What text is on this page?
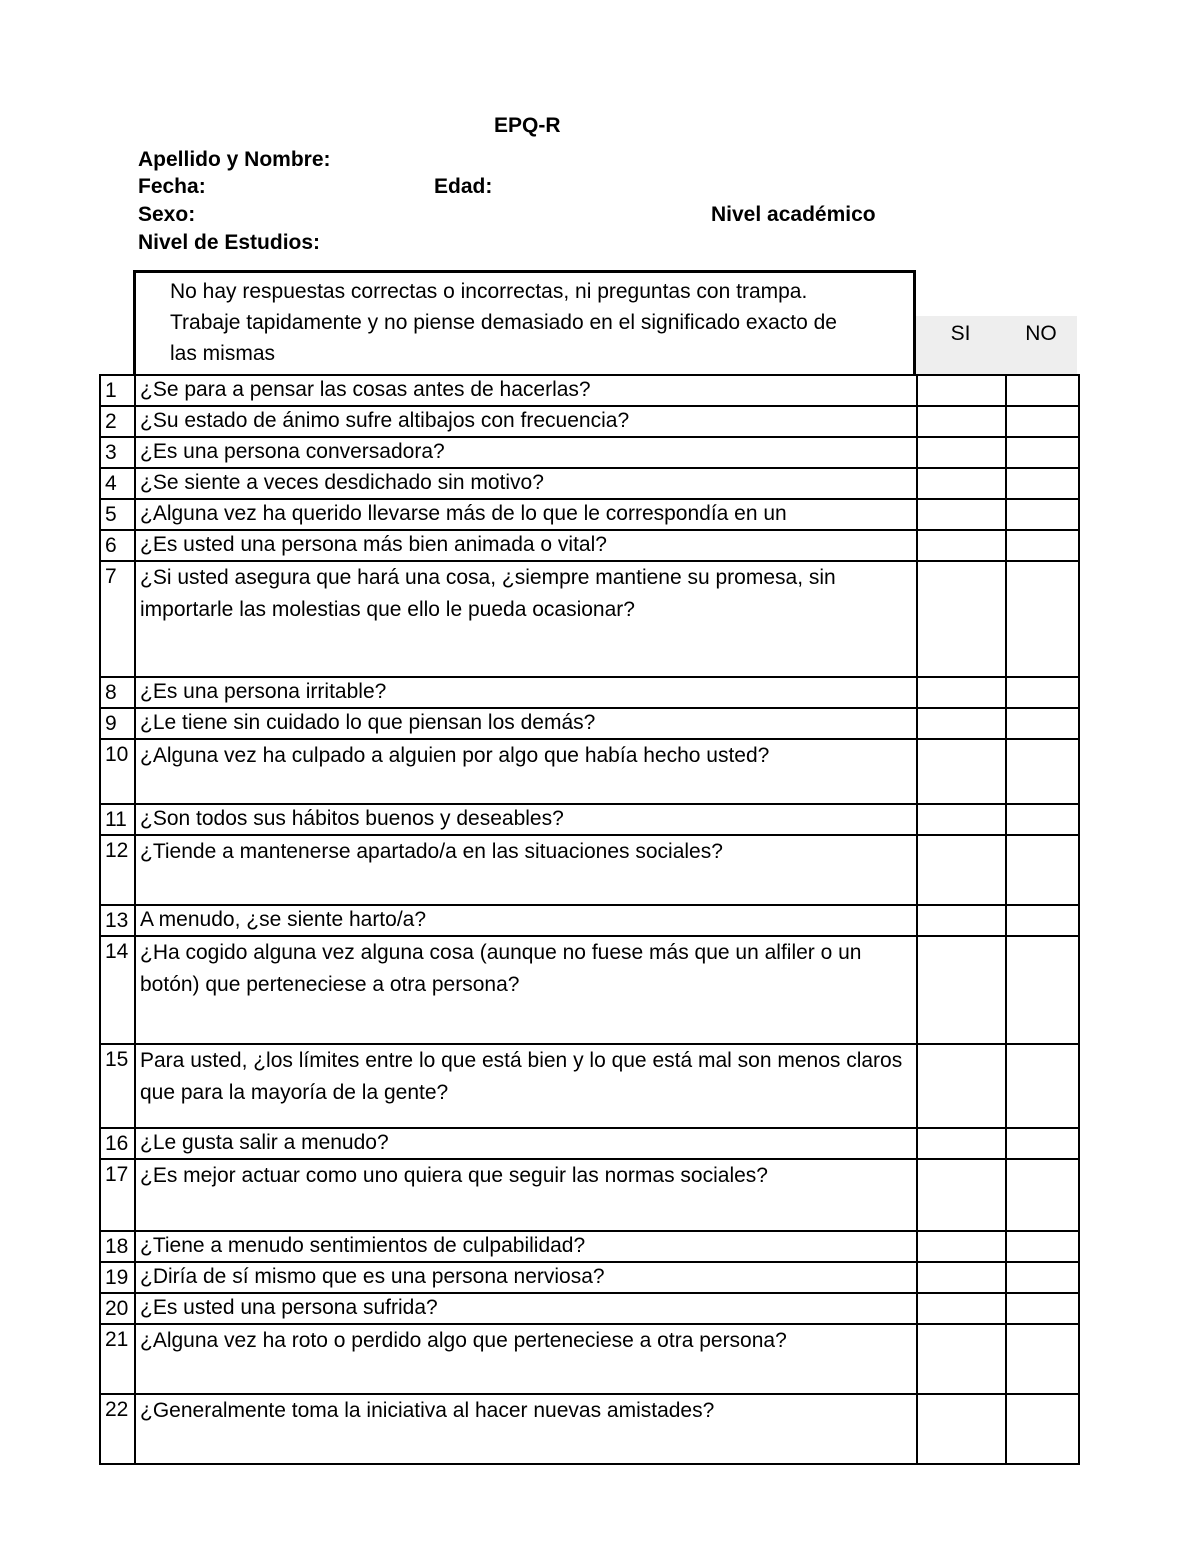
EPQ-R
Apellido y Nombre:
Fecha:	Edad:
Sexo:	Nivel académico
Nivel de Estudios:
No hay respuestas correctas o incorrectas, ni preguntas con trampa.
Trabaje tapidamente y no piense demasiado en el significado exacto de
las mismas
SI	NO
1	¿Se para a pensar las cosas antes de hacerlas?		
2	¿Su estado de ánimo sufre altibajos con frecuencia?		
3	¿Es una persona conversadora?		
4	¿Se siente a veces desdichado sin motivo?		
5	¿Alguna vez ha querido llevarse más de lo que le correspondía en un		
6	¿Es usted una persona más bien animada o vital?		
7	¿Si usted asegura que hará una cosa, ¿siempre mantiene su promesa, sin importarle las molestias que ello le pueda ocasionar?		
8	¿Es una persona irritable?		
9	¿Le tiene sin cuidado lo que piensan los demás?		
10	¿Alguna vez ha culpado a alguien por algo que había hecho usted?		
11	¿Son todos sus hábitos buenos y deseables?		
12	¿Tiende a mantenerse apartado/a en las situaciones sociales?		
13	A menudo, ¿se siente harto/a?		
14	¿Ha cogido alguna vez alguna cosa (aunque no fuese más que un alfiler o un botón) que perteneciese a otra persona?		
15	Para usted, ¿los límites entre lo que está bien y lo que está mal son menos claros que para la mayoría de la gente?		
16	¿Le gusta salir a menudo?		
17	¿Es mejor actuar como uno quiera que seguir las normas sociales?		
18	¿Tiene a menudo sentimientos de culpabilidad?		
19	¿Diría de sí mismo que es una persona nerviosa?		
20	¿Es usted una persona sufrida?		
21	¿Alguna vez ha roto o perdido algo que perteneciese a otra persona?		
22	¿Generalmente toma la iniciativa al hacer nuevas amistades?		
